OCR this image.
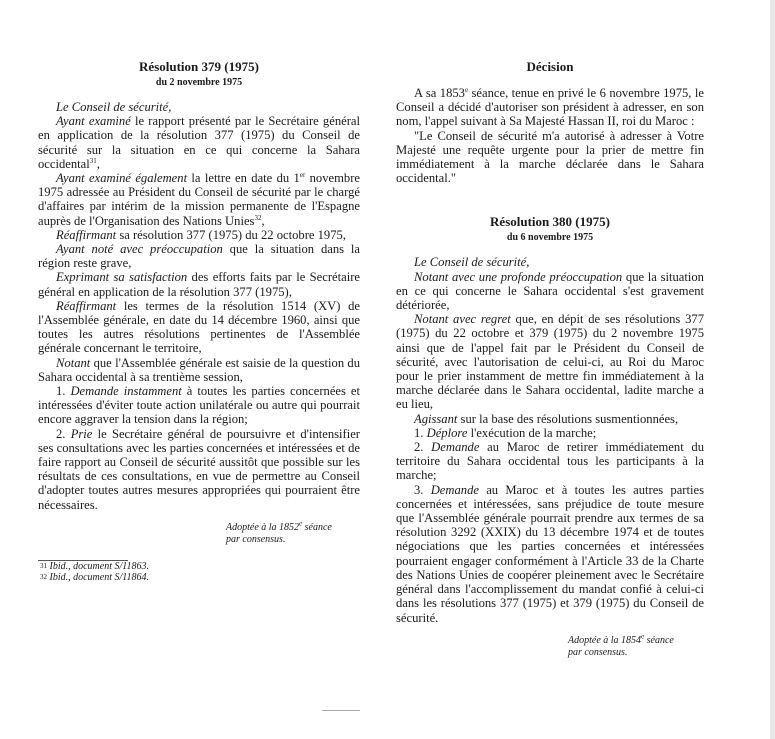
Résolution 379 (1975)
du 2 novembre 1975

Le Conseil de sécurité,

Ayant examiné le rapport présenté par le Secrétaire général en application de la résolution 377 (1975) du Conseil de sécurité sur la situation en ce qui concerne la Sahara occidental$^{31}$,

Ayant examiné également la lettre en date du 1er novembre 1975 adressée au Président du Conseil de sécurité par le chargé d'affaires par intérim de la mission permanente de l'Espagne auprès de l'Organisation des Nations Unies$^{32}$,

Réaffirmant sa résolution 377 (1975) du 22 octobre 1975,

Ayant noté avec préoccupation que la situation dans la région reste grave,

Exprimant sa satisfaction des efforts faits par le Secrétaire général en application de la résolution 377 (1975),

Réaffirmant les termes de la résolution 1514 (XV) de l'Assemblée générale, en date du 14 décembre 1960, ainsi que toutes les autres résolutions pertinentes de l'Assemblée générale concernant le territoire,

Notant que l'Assemblée générale est saisie de la question du Sahara occidental à sa trentième session,

1. Demande instamment à toutes les parties concernées et intéressées d'éviter toute action unilatérale ou autre qui pourrait encore aggraver la tension dans la région;

2. Prie le Secrétaire général de poursuivre et d'intensifier ses consultations avec les parties concernées et intéressées et de faire rapport au Conseil de sécurité aussitôt que possible sur les résultats de ces consultations, en vue de permettre au Conseil d'adopter toutes autres mesures appropriées qui pourraient être nécessaires.

Adoptée à la 1852e séance
par consensus.

$^{31}$ Ibid., document S/11863.

$^{32}$ Ibid., document S/11864.

Décision

A sa 1853e séance, tenue en privé le 6 novembre 1975, le Conseil a décidé d'autoriser son président à adresser, en son nom, l'appel suivant à Sa Majesté Hassan II, roi du Maroc :

"Le Conseil de sécurité m'a autorisé à adresser à Votre Majesté une requête urgente pour la prier de mettre fin immédiatement à la marche déclarée dans le Sahara occidental."

Résolution 380 (1975)
du 6 novembre 1975

Le Conseil de sécurité,

Notant avec une profonde préoccupation que la situation en ce qui concerne le Sahara occidental s'est gravement détériorée,

Notant avec regret que, en dépit de ses résolutions 377 (1975) du 22 octobre et 379 (1975) du 2 novembre 1975 ainsi que de l'appel fait par le Président du Conseil de sécurité, avec l'autorisation de celui-ci, au Roi du Maroc pour le prier instamment de mettre fin immédiatement à la marche déclarée dans le Sahara occidental, ladite marche a eu lieu,

Agissant sur la base des résolutions susmentionnées,

1. Déplore l'exécution de la marche;

2. Demande au Maroc de retirer immédiatement du territoire du Sahara occidental tous les participants à la marche;

3. Demande au Maroc et à toutes les autres parties concernées et intéressées, sans préjudice de toute mesure que l'Assemblée générale pourrait prendre aux termes de sa résolution 3292 (XXIX) du 13 décembre 1974 et de toutes négociations que les parties concernées et intéressées pourraient engager conformément à l'Article 33 de la Charte des Nations Unies de coopérer pleinement avec le Secrétaire général dans l'accomplissement du mandat confié à celui-ci dans les résolutions 377 (1975) et 379 (1975) du Conseil de sécurité.

Adoptée à la 1854e séance
par consensus.
